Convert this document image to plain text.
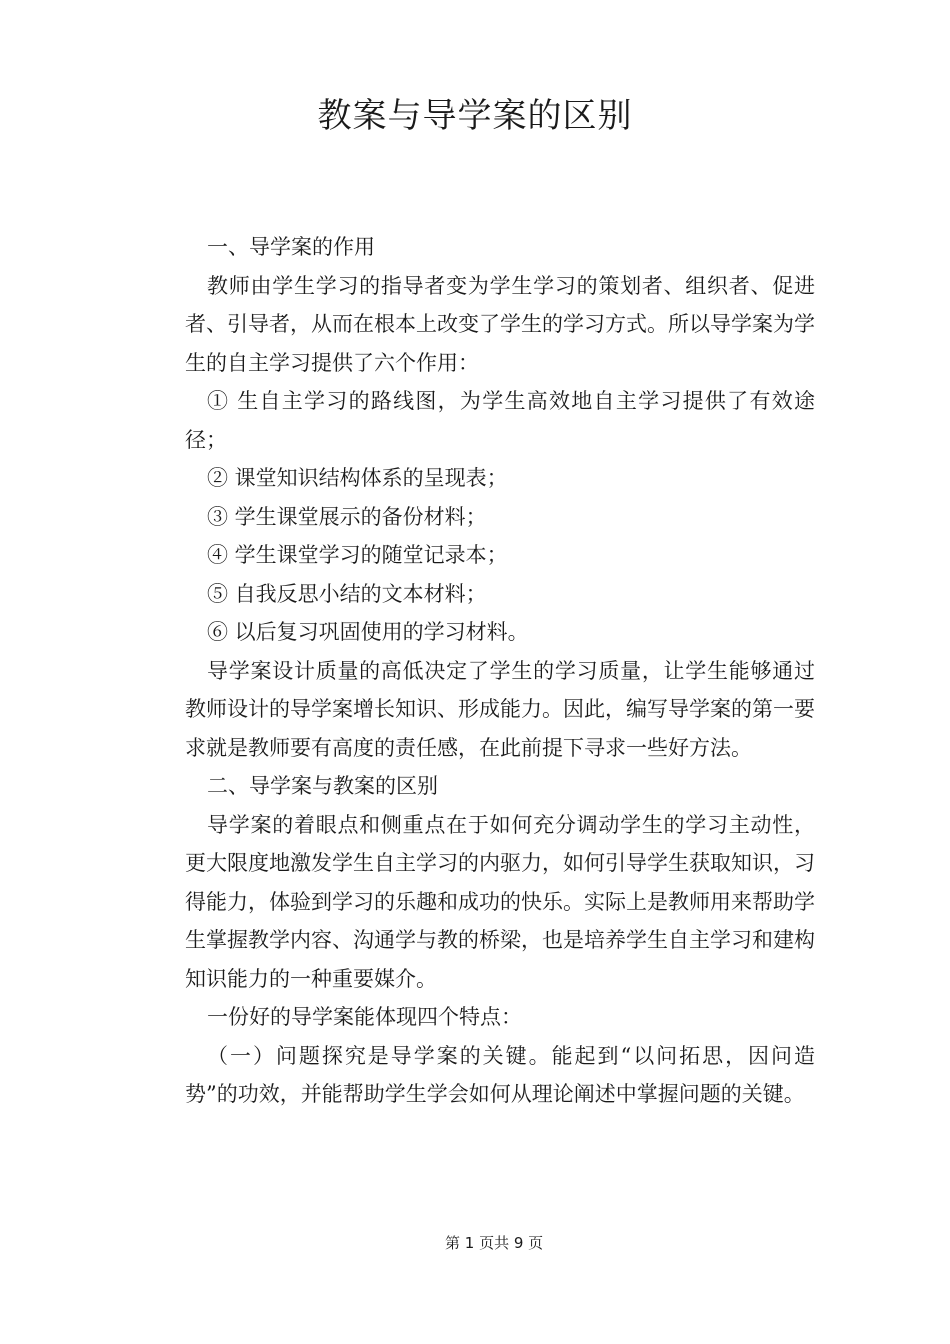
教案与导学案的区别

一、导学案的作用

教师由学生学习的指导者变为学生学习的策划者、组织者、促进者、引导者，从而在根本上改变了学生的学习方式。所以导学案为学生的自主学习提供了六个作用：

① 生自主学习的路线图，为学生高效地自主学习提供了有效途径；

② 课堂知识结构体系的呈现表；

③ 学生课堂展示的备份材料；

④ 学生课堂学习的随堂记录本；

⑤ 自我反思小结的文本材料；

⑥ 以后复习巩固使用的学习材料。

导学案设计质量的高低决定了学生的学习质量，让学生能够通过教师设计的导学案增长知识、形成能力。因此，编写导学案的第一要求就是教师要有高度的责任感，在此前提下寻求一些好方法。

二、导学案与教案的区别

导学案的着眼点和侧重点在于如何充分调动学生的学习主动性，更大限度地激发学生自主学习的内驱力，如何引导学生获取知识，习得能力，体验到学习的乐趣和成功的快乐。实际上是教师用来帮助学生掌握教学内容、沟通学与教的桥梁，也是培养学生自主学习和建构知识能力的一种重要媒介。

一份好的导学案能体现四个特点：

（一）问题探究是导学案的关键。能起到“以问拓思，因问造势”的功效，并能帮助学生学会如何从理论阐述中掌握问题的关键。

第 1 页共 9 页
